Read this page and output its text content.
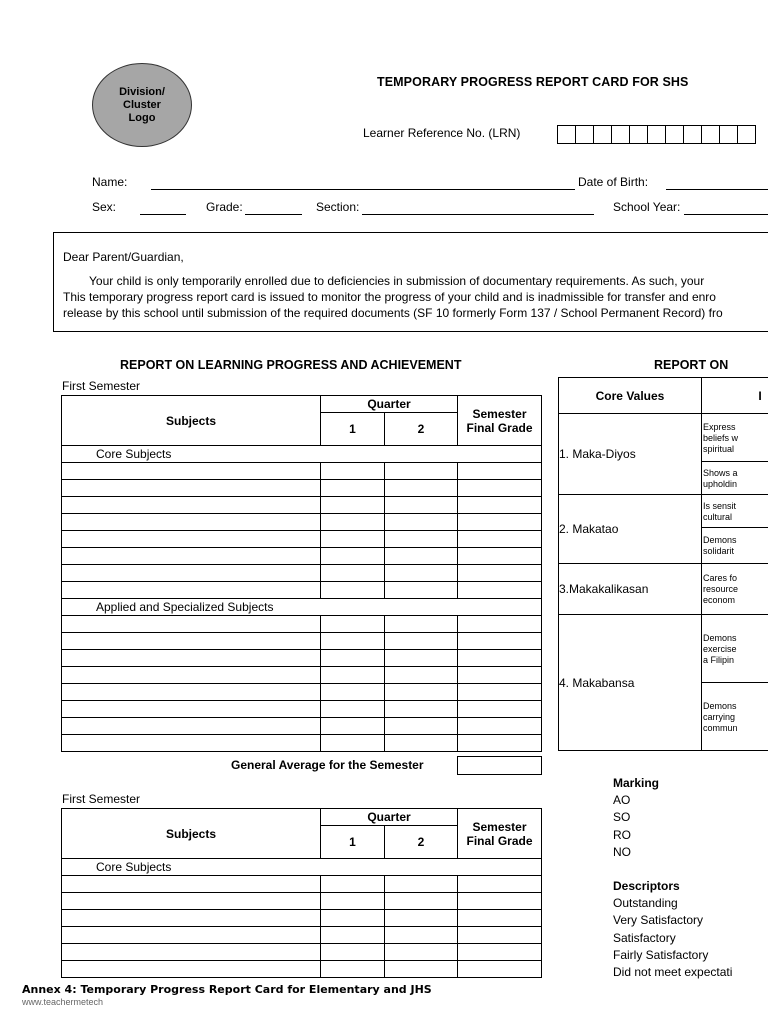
Division/
Cluster
Logo
TEMPORARY PROGRESS REPORT CARD FOR SHS
Learner Reference No. (LRN)
Name:	Date of Birth:
Sex:	Grade:	Section:	School Year:
Dear Parent/Guardian,
Your child is only temporarily enrolled due to deficiencies in submission of documentary requirements. As such, your
This temporary progress report card is issued to monitor the progress of your child and is inadmissible for transfer and enro
release by this school until submission of the required documents (SF 10 formerly Form 137 / School Permanent Record) fro
REPORT ON LEARNING PROGRESS AND ACHIEVEMENT	REPORT ON
First Semester
Subjects	Quarter		Semester Final Grade
	1	2	
Core Subjects			

Applied and Specialized Subjects			

General Average for the Semester
First Semester
Subjects	Quarter		Semester Final Grade
	1	2	
Core Subjects			

Core Values	I
1. Maka-Diyos	Express
beliefs w
spiritual
	Shows a
upholdin
2. Makatao	Is sensit
cultural
	Demons
solidarit
3.Makakalikasan	Cares fo
resource
econom
4. Makabansa	Demons
exercise
a Filipin
	Demons
carrying
commun
Marking
AO
SO
RO
NO
Descriptors
Outstanding
Very Satisfactory
Satisfactory
Fairly Satisfactory
Did not meet expectati
Annex 4: Temporary Progress Report Card for Elementary and JHS
www.teachermetech
